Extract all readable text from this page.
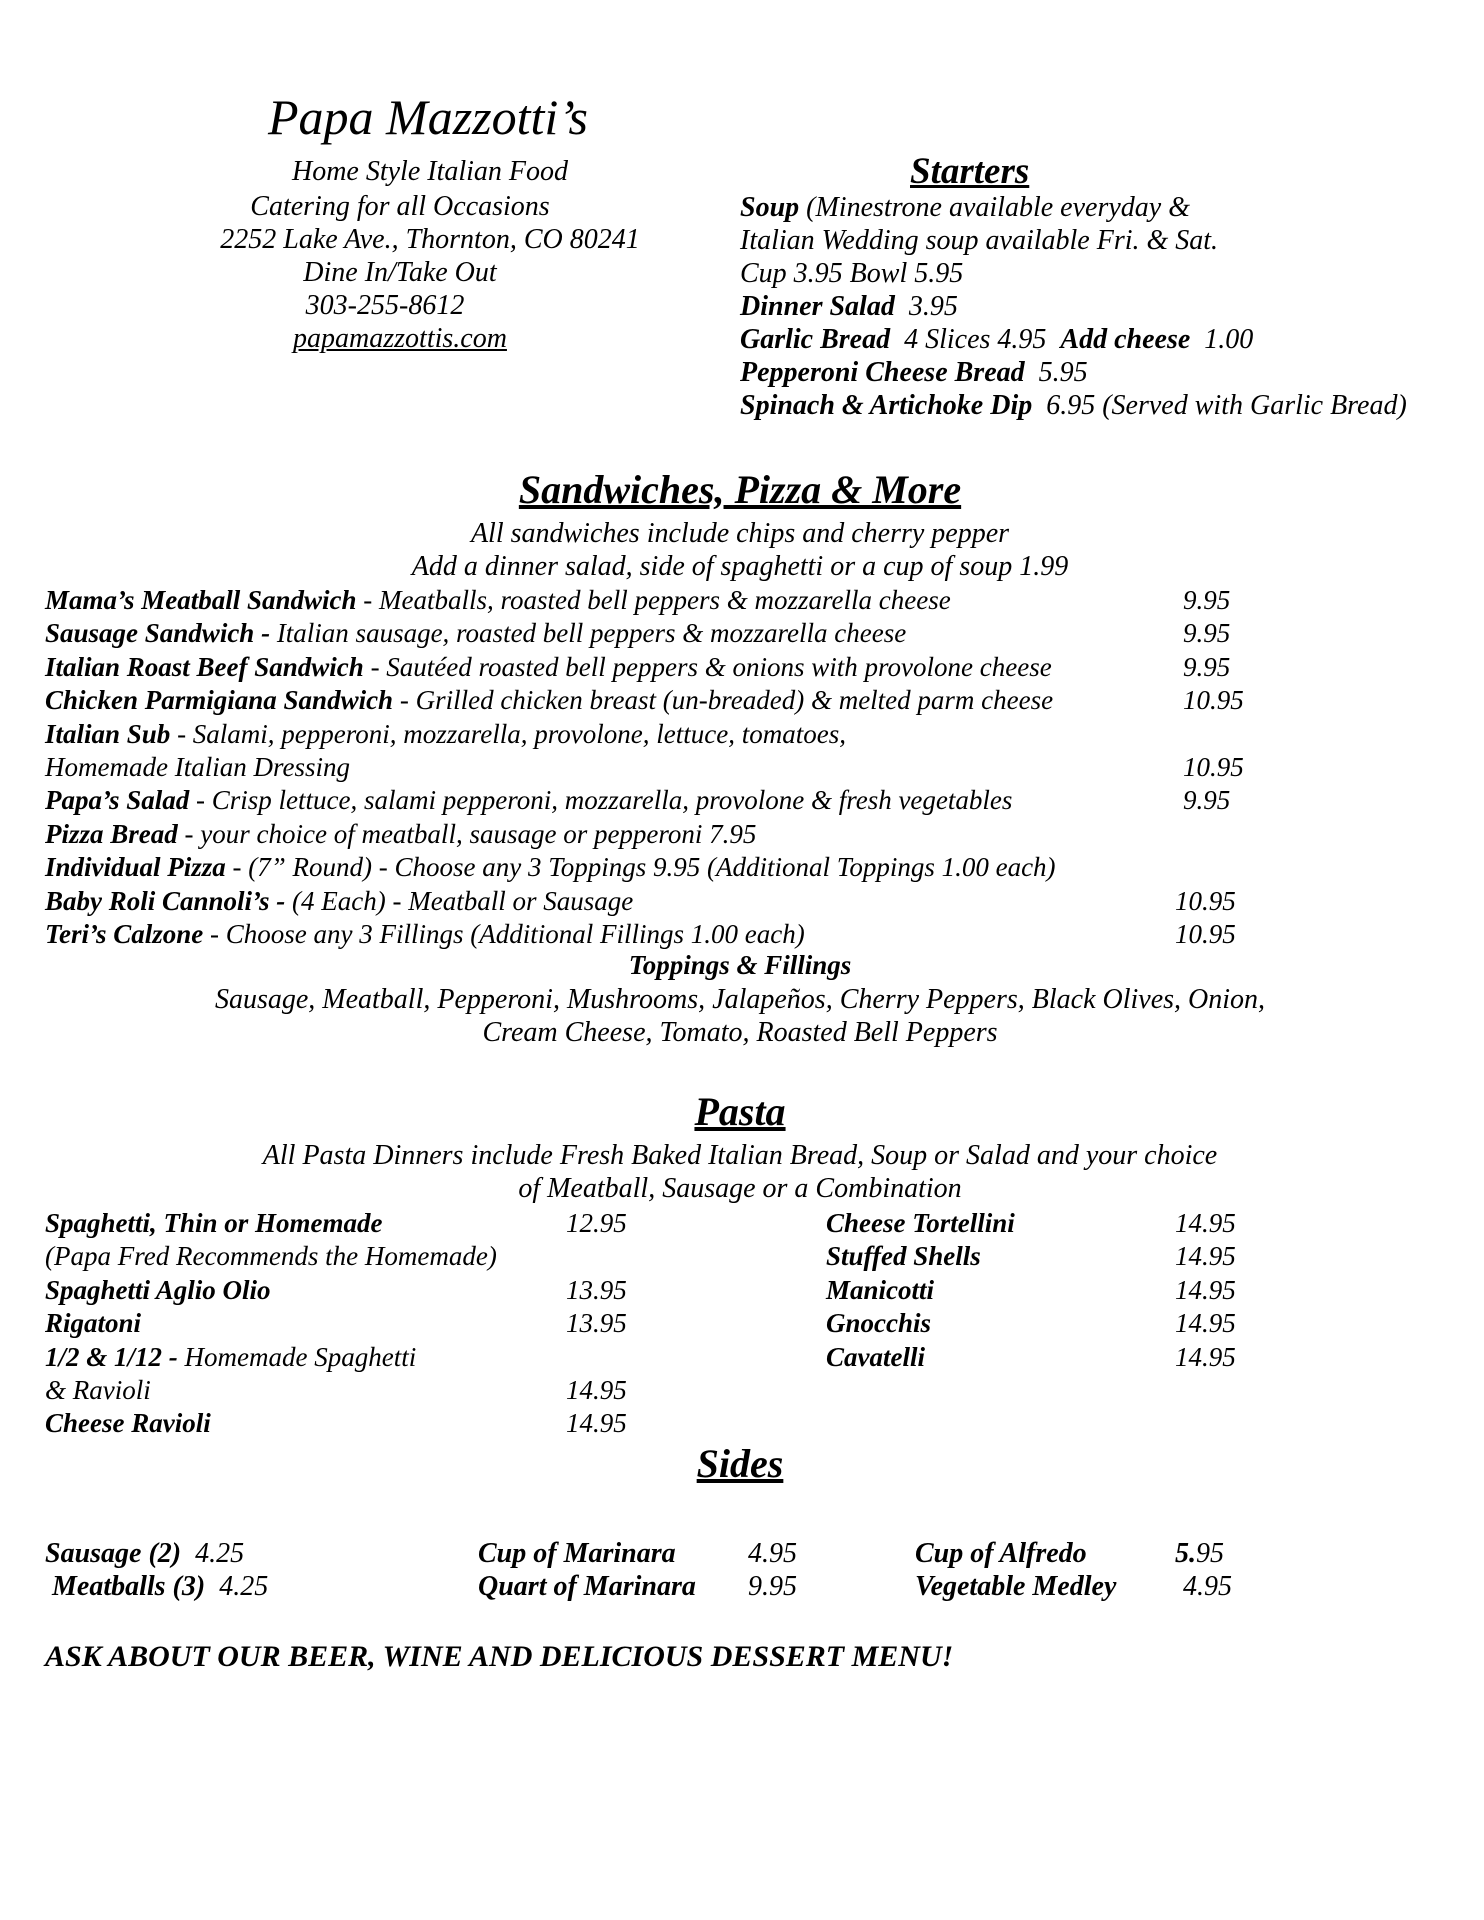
Papa Mazzotti’s
Home Style Italian Food
Catering for all Occasions
2252 Lake Ave., Thornton, CO 80241
Dine In/Take Out
303-255-8612
papamazzottis.com
Starters
Soup (Minestrone available everyday &
Italian Wedding soup available Fri. & Sat.
Cup 3.95 Bowl 5.95
Dinner Salad 3.95
Garlic Bread 4 Slices 4.95 Add cheese 1.00
Pepperoni Cheese Bread 5.95
Spinach & Artichoke Dip 6.95 (Served with Garlic Bread)
Sandwiches, Pizza & More
All sandwiches include chips and cherry pepper
Add a dinner salad, side of spaghetti or a cup of soup 1.99
Mama’s Meatball Sandwich - Meatballs, roasted bell peppers & mozzarella cheese	9.95
Sausage Sandwich - Italian sausage, roasted bell peppers & mozzarella cheese	9.95
Italian Roast Beef Sandwich - Sautéed roasted bell peppers & onions with provolone cheese	9.95
Chicken Parmigiana Sandwich - Grilled chicken breast (un-breaded) & melted parm cheese	10.95
Italian Sub - Salami, pepperoni, mozzarella, provolone, lettuce, tomatoes,
Homemade Italian Dressing	10.95
Papa’s Salad - Crisp lettuce, salami pepperoni, mozzarella, provolone & fresh vegetables	9.95
Pizza Bread - your choice of meatball, sausage or pepperoni 7.95
Individual Pizza - (7” Round) - Choose any 3 Toppings 9.95 (Additional Toppings 1.00 each)
Baby Roli Cannoli’s - (4 Each) - Meatball or Sausage	10.95
Teri’s Calzone - Choose any 3 Fillings (Additional Fillings 1.00 each)	10.95
Toppings & Fillings
Sausage, Meatball, Pepperoni, Mushrooms, Jalapeños, Cherry Peppers, Black Olives, Onion,
Cream Cheese, Tomato, Roasted Bell Peppers
Pasta
All Pasta Dinners include Fresh Baked Italian Bread, Soup or Salad and your choice
of Meatball, Sausage or a Combination
Spaghetti, Thin or Homemade	12.95
(Papa Fred Recommends the Homemade)
Spaghetti Aglio Olio	13.95
Rigatoni	13.95
1/2 & 1/12 - Homemade Spaghetti
& Ravioli	14.95
Cheese Ravioli	14.95
Cheese Tortellini	14.95
Stuffed Shells	14.95
Manicotti	14.95
Gnocchis	14.95
Cavatelli	14.95
Sides
Sausage (2) 4.25
Meatballs (3) 4.25
Cup of Marinara	4.95
Quart of Marinara 9.95
Cup of Alfredo	5.95
Vegetable Medley 4.95
ASK ABOUT OUR BEER, WINE AND DELICIOUS DESSERT MENU!
